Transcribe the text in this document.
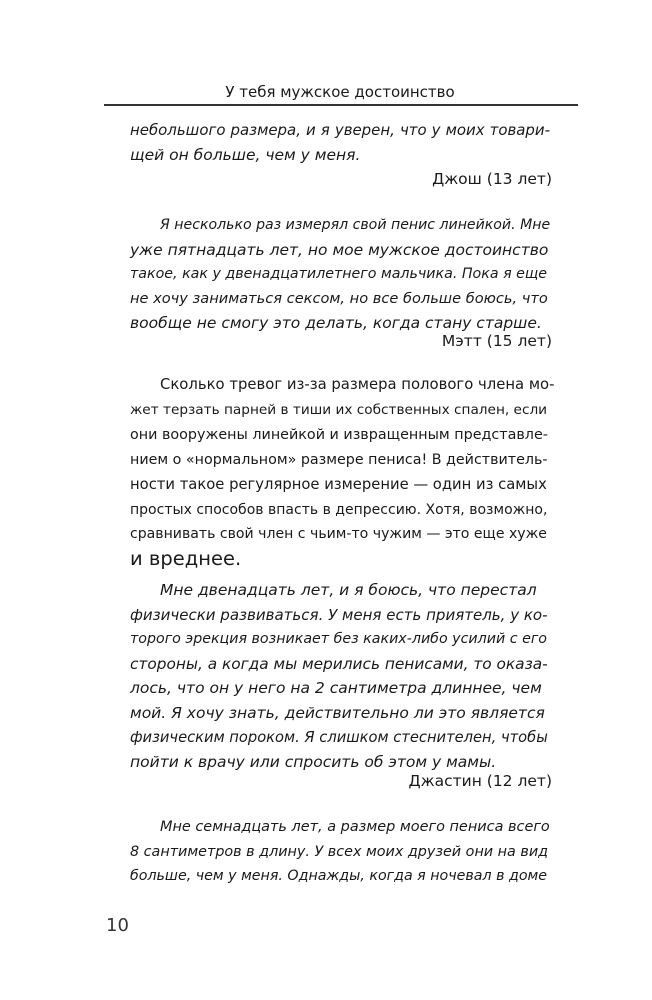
У тебя мужское достоинство
небольшого размера, и я уверен, что у моих товари-
щей он больше, чем у меня.
Джош (13 лет)
Я несколько раз измерял свой пенис линейкой. Мне
уже пятнадцать лет, но мое мужское достоинство
такое, как у двенадцатилетнего мальчика. Пока я еще
не хочу заниматься сексом, но все больше боюсь, что
вообще не смогу это делать, когда стану старше.
Мэтт (15 лет)
Сколько тревог из-за размера полового члена мо-
жет терзать парней в тиши их собственных спален, если
они вооружены линейкой и извращенным представле-
нием о «нормальном» размере пениса! В действитель-
ности такое регулярное измерение — один из самых
простых способов впасть в депрессию. Хотя, возможно,
сравнивать свой член с чьим-то чужим — это еще хуже
и вреднее.
Мне двенадцать лет, и я боюсь, что перестал
физически развиваться. У меня есть приятель, у ко-
торого эрекция возникает без каких-либо усилий с его
стороны, а когда мы мерились пенисами, то оказа-
лось, что он у него на 2 сантиметра длиннее, чем
мой. Я хочу знать, действительно ли это является
физическим пороком. Я слишком стеснителен, чтобы
пойти к врачу или спросить об этом у мамы.
Джастин (12 лет)
Мне семнадцать лет, а размер моего пениса всего
8 сантиметров в длину. У всех моих друзей они на вид
больше, чем у меня. Однажды, когда я ночевал в доме
10
